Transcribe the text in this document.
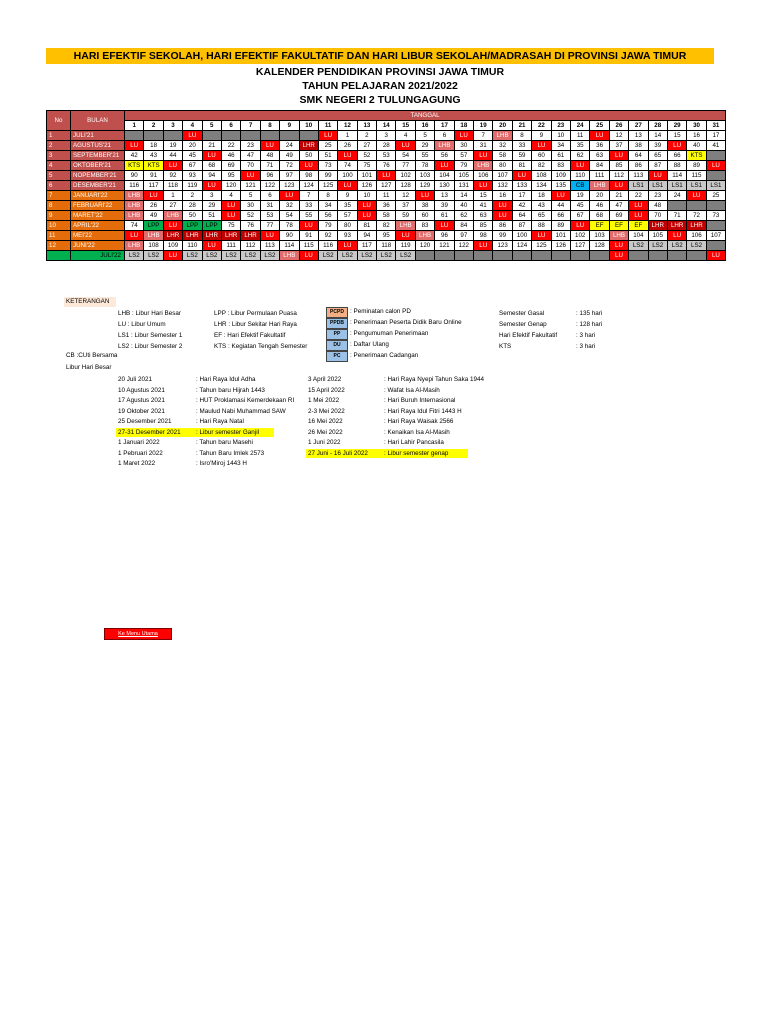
HARI EFEKTIF SEKOLAH, HARI EFEKTIF FAKULTATIF DAN HARI LIBUR SEKOLAH/MADRASAH DI PROVINSI JAWA TIMUR
KALENDER PENDIDIKAN PROVINSI JAWA TIMUR
TAHUN PELAJARAN 2021/2022
SMK NEGERI 2 TULUNGAGUNG
No	BULAN	TANGGAL																														
		1	2	3	4	5	6	7	8	9	10	11	12	13	14	15	16	17	18	19	20	21	22	23	24	25	26	27	28	29	30	31
1	JULI'21				LU							LU	1	2	3	4	5	6	LU	7	LHB	8	9	10	11	LU	12	13	14	15	16	17
2	AGUSTUS'21	LU	18	19	20	21	22	23	LU	24	LHR	25	26	27	28	LU	29	LHB	30	31	32	33	LU	34	35	36	37	38	39	LU	40	41
3	SEPTEMBER'21	42	43	44	45	LU	46	47	48	49	50	51	LU	52	53	54	55	56	57	LU	58	59	60	61	62	63	LU	64	65	66	KTS	
4	OKTOBER'21	KTS	KTS	LU	67	68	69	70	71	72	LU	73	74	75	76	77	78	LU	79	LHB	80	81	82	83	LU	84	85	86	87	88	89	LU
5	NOPEMBER'21	90	91	92	93	94	95	LU	96	97	98	99	100	101	LU	102	103	104	105	106	107	LU	108	109	110	111	112	113	LU	114	115	
6	DESEMBER'21	116	117	118	119	LU	120	121	122	123	124	125	LU	126	127	128	129	130	131	LU	132	133	134	135	CB	LHB	LU	LS1	LS1	LS1	LS1	LS1
7	JANUARI'22	LHB	LU	1	2	3	4	5	6	LU	7	8	9	10	11	12	LU	13	14	15	16	17	18	LU	19	20	21	22	23	24	LU	25
8	FEBRUARI'22	LHB	26	27	28	29	LU	30	31	32	33	34	35	LU	36	37	38	39	40	41	LU	42	43	44	45	46	47	LU	48			
9	MARET'22	LHB	49	LHB	50	51	LU	52	53	54	55	56	57	LU	58	59	60	61	62	63	LU	64	65	66	67	68	69	LU	70	71	72	73
10	APRIL'22	74	LPP	LU	LPP	LPP	75	76	77	78	LU	79	80	81	82	LHB	83	LU	84	85	86	87	88	89	LU	EF	EF	EF	LHR	LHR	LHR	
11	MEI'22	LU	LHB	LHR	LHR	LHR	LHR	LHR	LU	90	91	92	93	94	95	LU	LHB	96	97	98	99	100	LU	101	102	103	LHB	104	105	LU	106	107
12	JUNI'22	LHB	108	109	110	LU	111	112	113	114	115	116	LU	117	118	119	120	121	122	LU	123	124	125	126	127	128	LU	LS2	LS2	LS2	LS2	
	JULI'22	LS2	LS2	LU	LS2	LS2	LS2	LS2	LS2	LHB	LU	LS2	LS2	LS2	LS2	LS2											LU					LU
KETERANGAN
LHB : Libur Hari Besar
LU : Libur Umum
LS1 : Libur Semester 1
LS2 : Libur Semester 2
LPP : Libur Permulaan Puasa
LHR : Libur Sekitar Hari Raya
EF : Hari Efektif Fakultatif
KTS : Kegiatan Tengah Semester
PCPD : Peminatan calon PD
PPDB : Penerimaan Peserta Didik Baru Online
PP	: Pengumuman Penerimaan
DU	: Daftar Ulang
PC	: Penerimaan Cadangan
Semester Gasal	: 135 hari
Semester Genap	: 128 hari
Hari Efektif Fakultatif	: 3 hari
KTS	: 3 hari
CB :CUti Bersama
Libur Hari Besar
20 Juli 2021	: Hari Raya Idul Adha
10 Agustus 2021	: Tahun baru Hijrah 1443
17 Agustus 2021	: HUT Proklamasi Kemerdekaan RI
19 Oktober 2021	: Maulud Nabi Muhammad SAW
25 Desember 2021	: Hari Raya Natal
27-31 Desember 2021 : Libur semester Ganjil
1 Januari 2022	: Tahun baru Masehi
1 Pebruari 2022	: Tahun Baru Imlek 2573
1 Maret 2022	: Isro'Miroj 1443 H
3 April 2022	: Hari Raya Nyepi Tahun Saka 1944
15 April 2022	: Wafat Isa Al-Masih
1 Mei 2022	: Hari Buruh Internasional
2-3 Mei 2022	: Hari Raya Idul Fitri 1443 H
16 Mei 2022	: Hari Raya Waisak 2566
26 Mei 2022	: Kenaikan Isa Al-Masih
1 Juni 2022	: Hari Lahir Pancasila
27 Juni - 16 Juli 2022	: Libur semester genap
Ke Menu Utama
